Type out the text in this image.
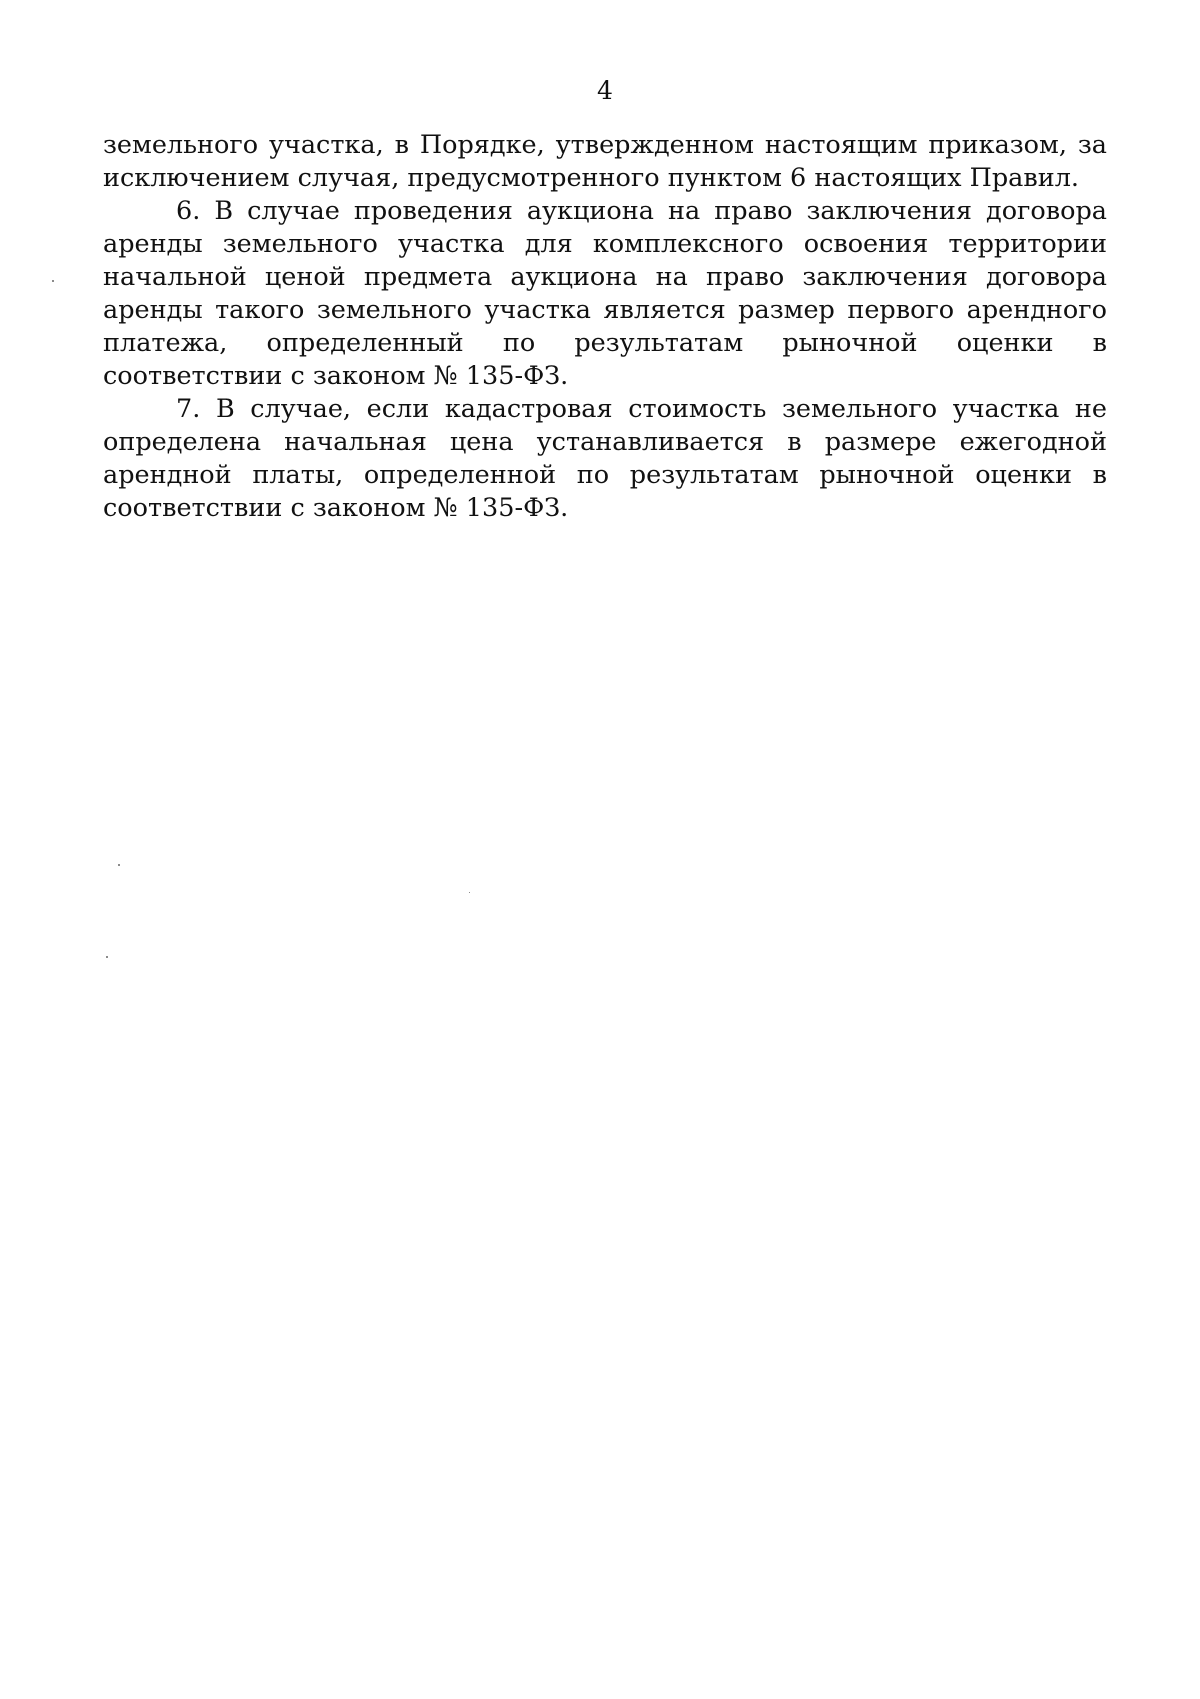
4

земельного участка, в Порядке, утвержденном настоящим приказом, за исключением случая, предусмотренного пунктом 6 настоящих Правил.

6. В случае проведения аукциона на право заключения договора аренды земельного участка для комплексного освоения территории начальной ценой предмета аукциона на право заключения договора аренды такого земельного участка является размер первого арендного платежа, определенный по результатам рыночной оценки в соответствии с законом № 135-ФЗ.

7. В случае, если кадастровая стоимость земельного участка не определена начальная цена устанавливается в размере ежегодной арендной платы, определенной по результатам рыночной оценки в соответствии с законом № 135-ФЗ.
